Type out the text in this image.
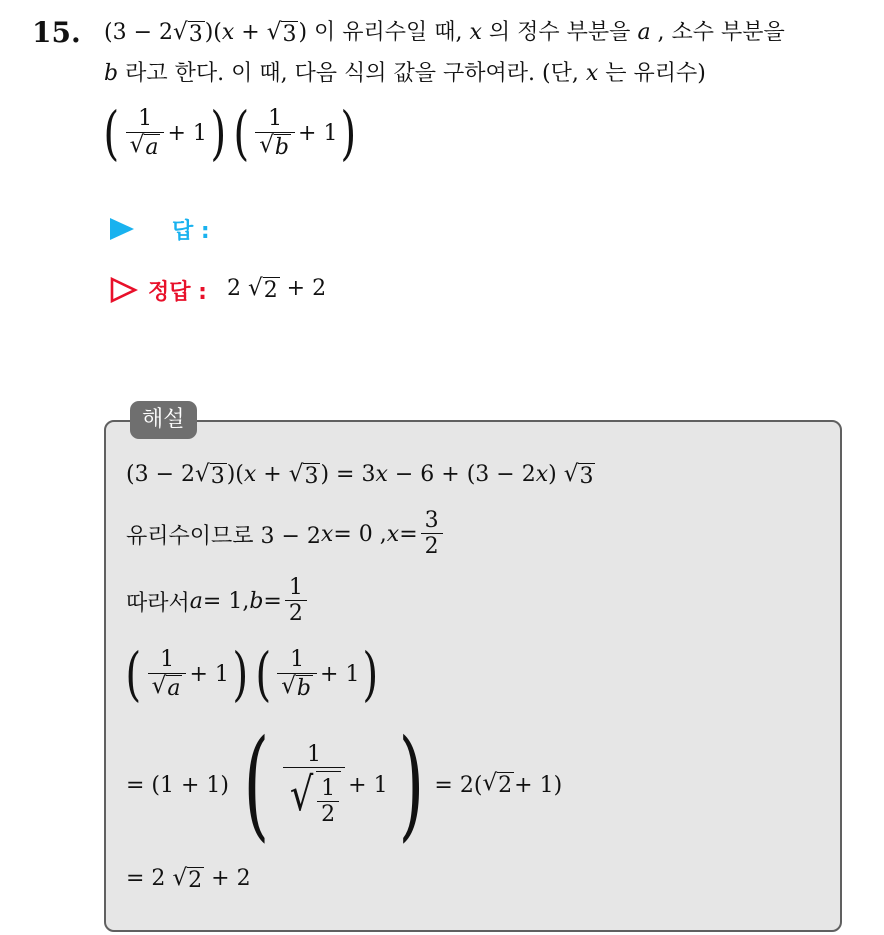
15. (3 − 2 √ 3 )(x + √ 3 ) 이 유리수일 때, x 의 정수 부분을 a , 소수 부분을
b 라고 한다. 이 때, 다음 식의 값을 구하여라. (단, x 는 유리수)
( $\frac{1}{√ a} + 1$ ) ( $\frac{1}{√ b} + 1$ )
답 :
정답 : 2 √ 2 + 2
해설
(3 − 2 √ 3 )(x + √ 3 ) = 3x − 6 + (3 − 2x) √ 3
유리수이므로 3 − 2 x = 0 , $x = \frac{3}{2}$
따라서 a = 1, $b = \frac{1}{2}$
( $\frac{1}{√ a} + 1$ ) ( $\frac{1}{√ b} + 1$ )
= (1 + 1) ( $\frac{1}{√ \frac{1}{2}} + 1$ ) = 2( √ 2 + 1)
= 2 √ 2 + 2
